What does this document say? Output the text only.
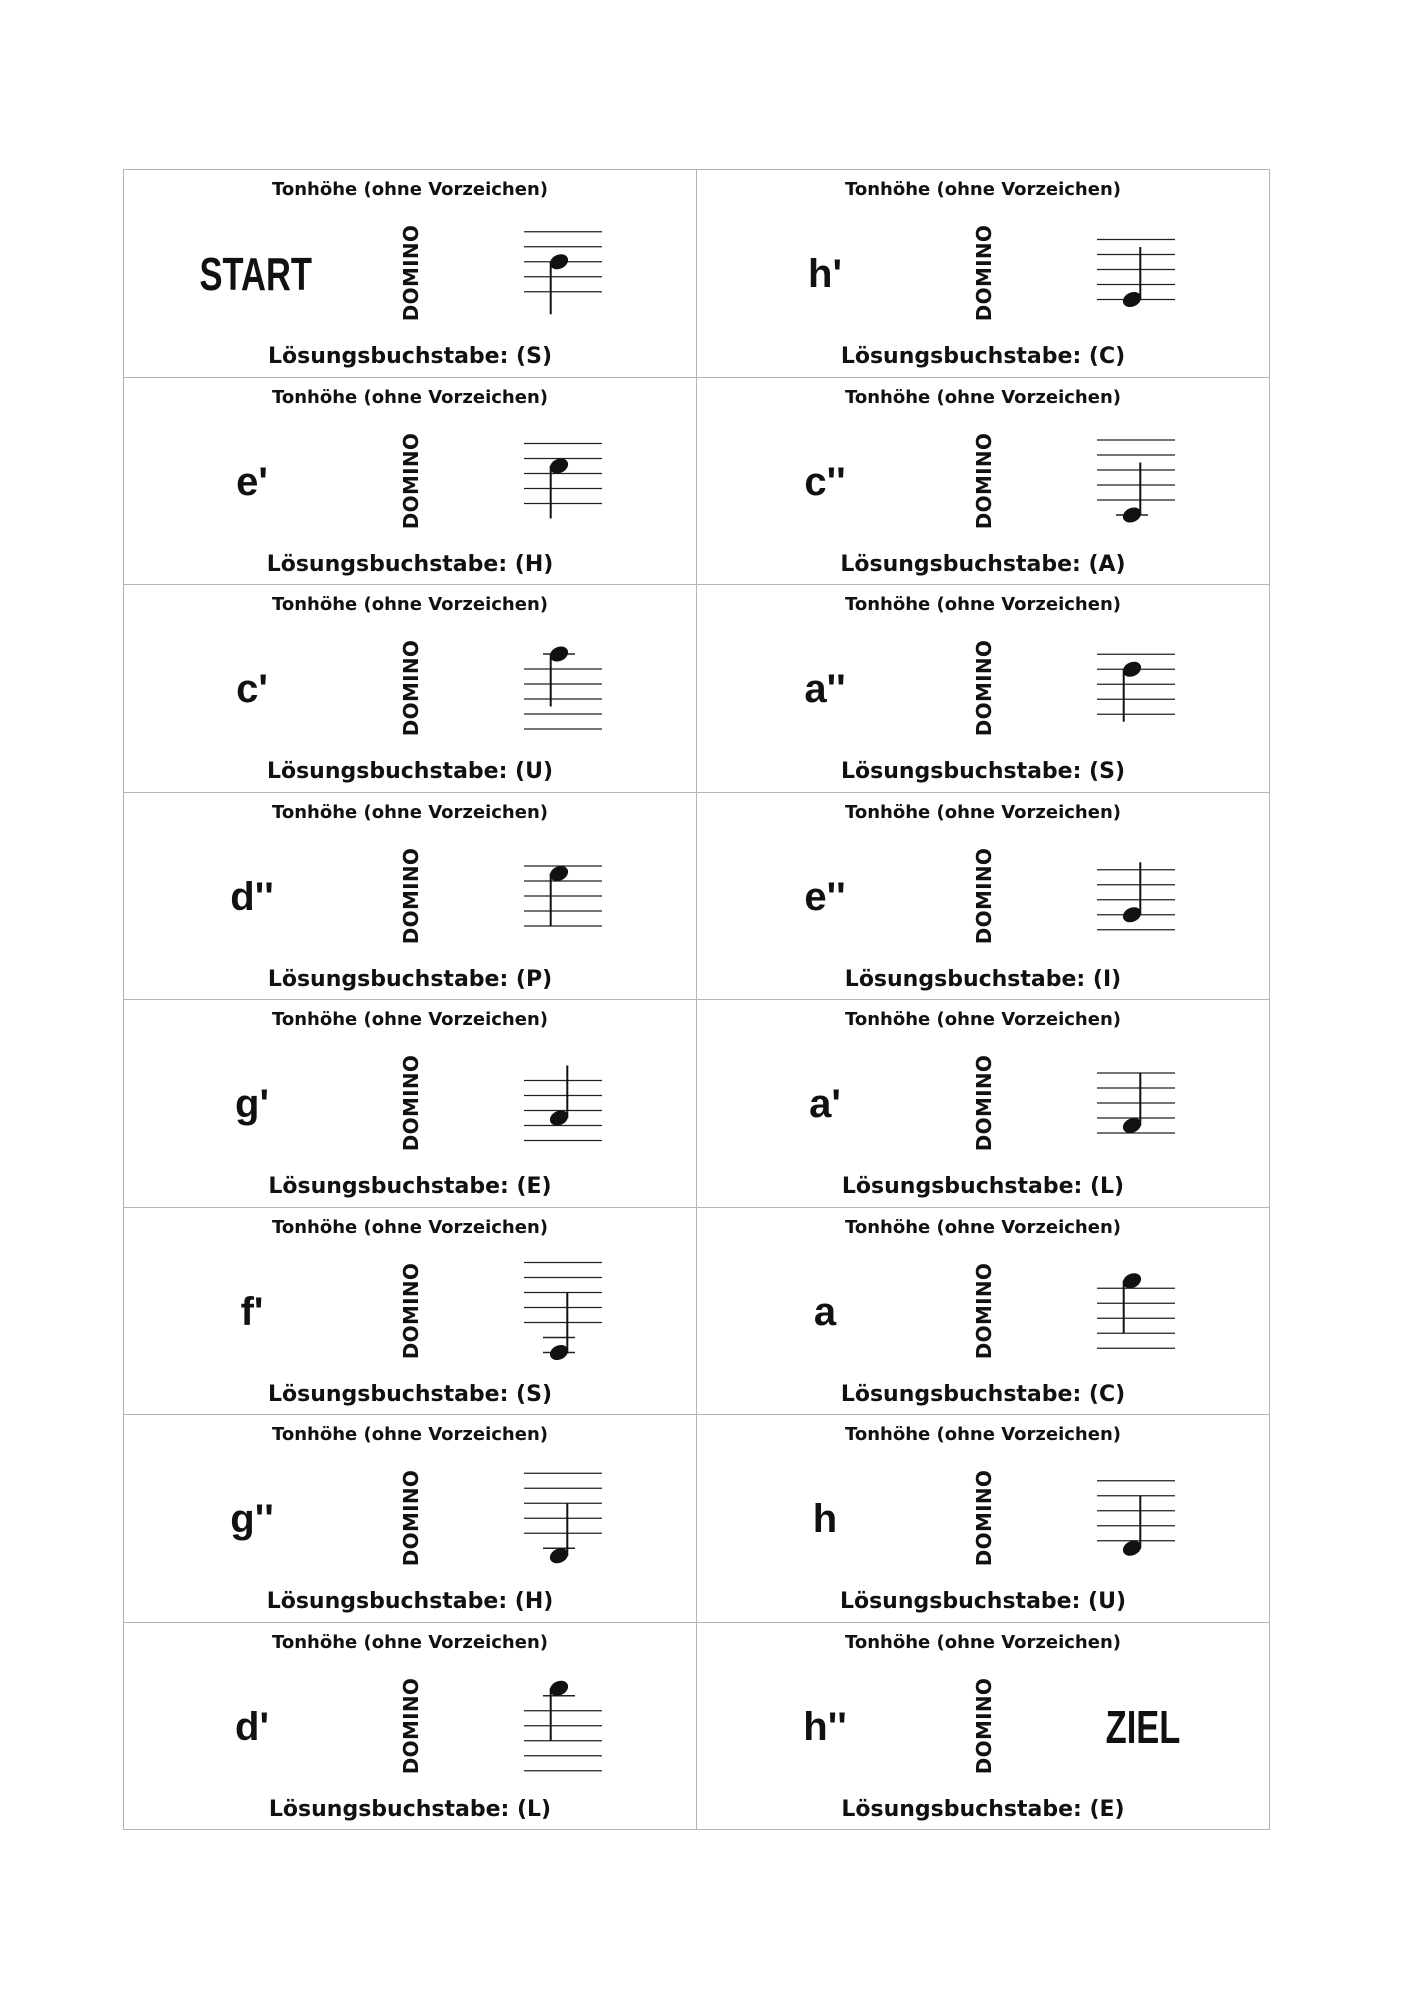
Tonhöhe (ohne Vorzeichen)
START	DOMINO
Lösungsbuchstabe: (S)
Tonhöhe (ohne Vorzeichen)
h'	DOMINO
Lösungsbuchstabe: (C)
Tonhöhe (ohne Vorzeichen)
e'	DOMINO
Lösungsbuchstabe: (H)
Tonhöhe (ohne Vorzeichen)
c''	DOMINO
Lösungsbuchstabe: (A)
Tonhöhe (ohne Vorzeichen)
c'	DOMINO
Lösungsbuchstabe: (U)
Tonhöhe (ohne Vorzeichen)
a''	DOMINO
Lösungsbuchstabe: (S)
Tonhöhe (ohne Vorzeichen)
d''	DOMINO
Lösungsbuchstabe: (P)
Tonhöhe (ohne Vorzeichen)
e''	DOMINO
Lösungsbuchstabe: (I)
Tonhöhe (ohne Vorzeichen)
g'	DOMINO
Lösungsbuchstabe: (E)
Tonhöhe (ohne Vorzeichen)
a'	DOMINO
Lösungsbuchstabe: (L)
Tonhöhe (ohne Vorzeichen)
f'	DOMINO
Lösungsbuchstabe: (S)
Tonhöhe (ohne Vorzeichen)
a	DOMINO
Lösungsbuchstabe: (C)
Tonhöhe (ohne Vorzeichen)
g''	DOMINO
Lösungsbuchstabe: (H)
Tonhöhe (ohne Vorzeichen)
h	DOMINO
Lösungsbuchstabe: (U)
Tonhöhe (ohne Vorzeichen)
d'	DOMINO
Lösungsbuchstabe: (L)
Tonhöhe (ohne Vorzeichen)
h''	DOMINO	ZIEL
Lösungsbuchstabe: (E)
